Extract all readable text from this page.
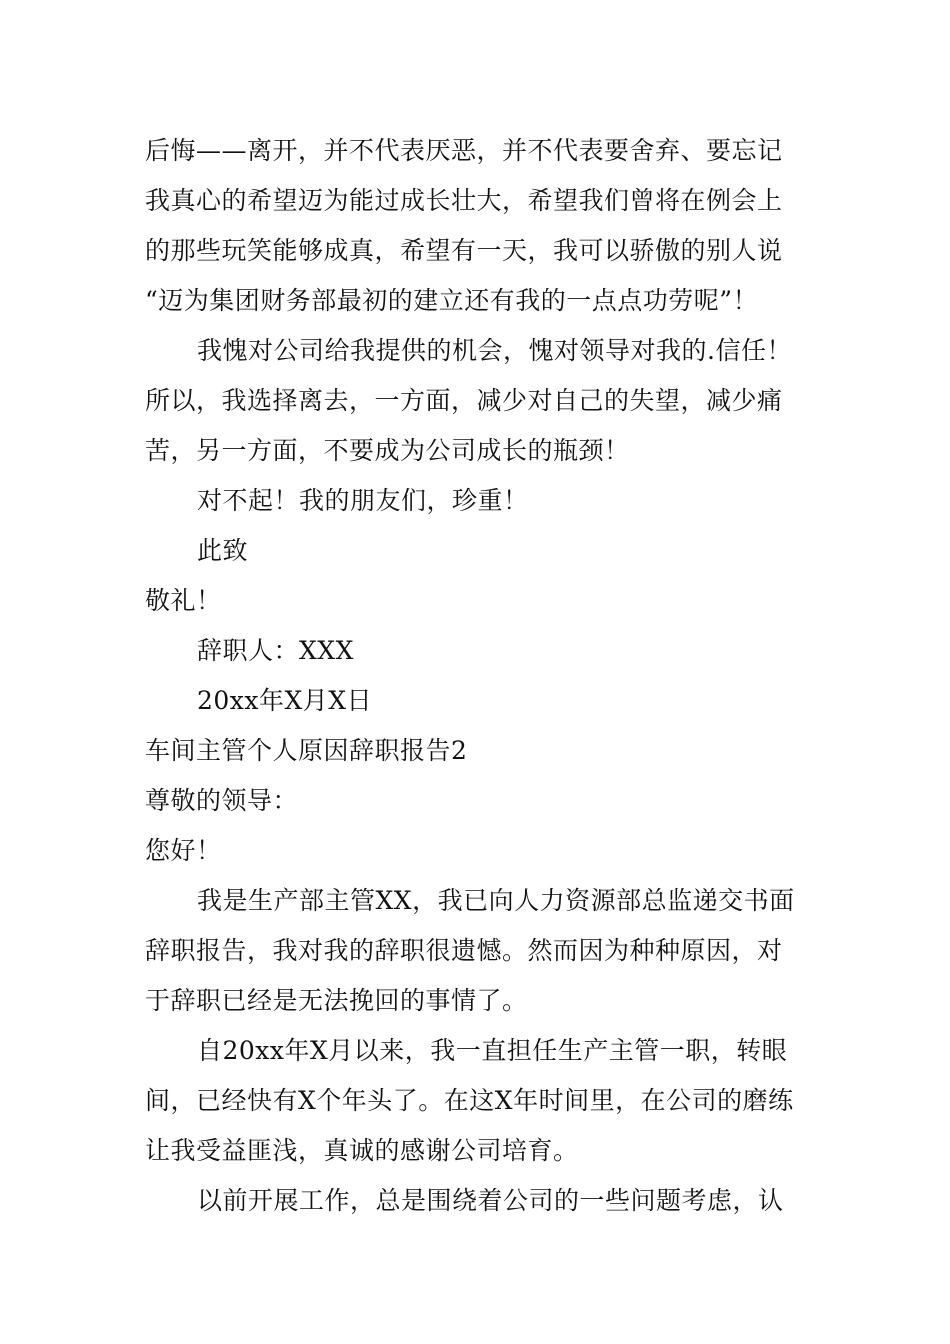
后悔——离开，并不代表厌恶，并不代表要舍弃、要忘记
我真心的希望迈为能过成长壮大，希望我们曾将在例会上
的那些玩笑能够成真，希望有一天，我可以骄傲的别人说
“迈为集团财务部最初的建立还有我的一点点功劳呢”！
我愧对公司给我提供的机会，愧对领导对我的.信任！
所以，我选择离去，一方面，减少对自己的失望，减少痛
苦，另一方面，不要成为公司成长的瓶颈！
对不起！我的朋友们，珍重！
此致
敬礼！
辞职人：XXX
20xx年X月X日
车间主管个人原因辞职报告2
尊敬的领导：
您好！
我是生产部主管XX，我已向人力资源部总监递交书面
辞职报告，我对我的辞职很遗憾。然而因为种种原因，对
于辞职已经是无法挽回的事情了。
自20xx年X月以来，我一直担任生产主管一职，转眼
间，已经快有X个年头了。在这X年时间里，在公司的磨练
让我受益匪浅，真诚的感谢公司培育。
以前开展工作，总是围绕着公司的一些问题考虑，认
